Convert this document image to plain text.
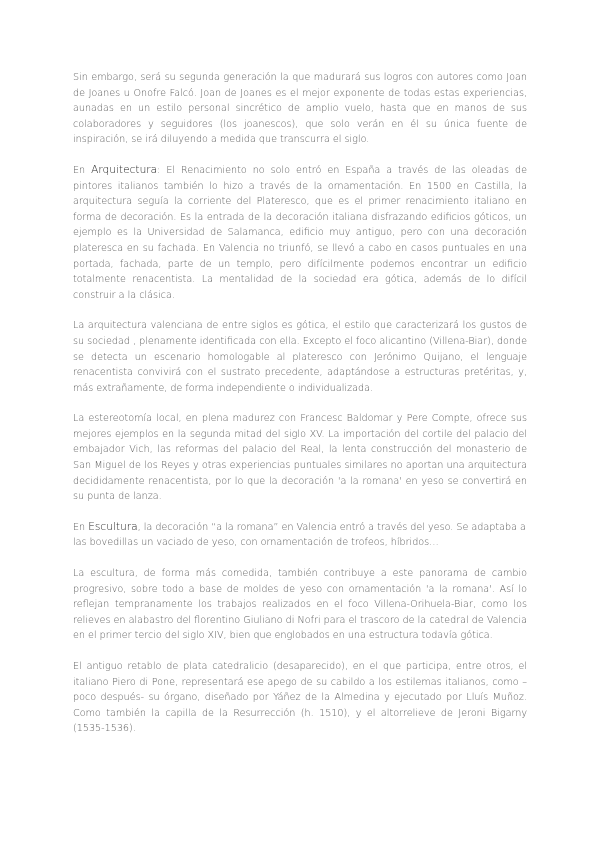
Sin embargo, será su segunda generación la que madurará sus logros con autores como Joan de Joanes u Onofre Falcó. Joan de Joanes es el mejor exponente de todas estas experiencias, aunadas en un estilo personal sincrético de amplio vuelo, hasta que en manos de sus colaboradores y seguidores (los joanescos), que solo verán en él su única fuente de inspiración, se irá diluyendo a medida que transcurra el siglo.

En Arquitectura: El Renacimiento no solo entró en España a través de las oleadas de pintores italianos también lo hizo a través de la ornamentación. En 1500 en Castilla, la arquitectura seguía la corriente del Plateresco, que es el primer renacimiento italiano en forma de decoración. Es la entrada de la decoración italiana disfrazando edificios góticos, un ejemplo es la Universidad de Salamanca, edificio muy antiguo, pero con una decoración plateresca en su fachada. En Valencia no triunfó, se llevó a cabo en casos puntuales en una portada, fachada, parte de un templo, pero difícilmente podemos encontrar un edificio totalmente renacentista. La mentalidad de la sociedad era gótica, además de lo difícil construir a la clásica.

La arquitectura valenciana de entre siglos es gótica, el estilo que caracterizará los gustos de su sociedad , plenamente identificada con ella. Excepto el foco alicantino (Villena-Biar), donde se detecta un escenario homologable al plateresco con Jerónimo Quijano, el lenguaje renacentista convivirá con el sustrato precedente, adaptándose a estructuras pretéritas, y, más extrañamente, de forma independiente o individualizada.

La estereotomía local, en plena madurez con Francesc Baldomar y Pere Compte, ofrece sus mejores ejemplos en la segunda mitad del siglo XV. La importación del cortile del palacio del embajador Vich, las reformas del palacio del Real, la lenta construcción del monasterio de San Miguel de los Reyes y otras experiencias puntuales similares no aportan una arquitectura decididamente renacentista, por lo que la decoración 'a la romana' en yeso se convertirá en su punta de lanza.

En Escultura, la decoración “a la romana” en Valencia entró a través del yeso. Se adaptaba a las bovedillas un vaciado de yeso, con ornamentación de trofeos, híbridos…

La escultura, de forma más comedida, también contribuye a este panorama de cambio progresivo, sobre todo a base de moldes de yeso con ornamentación 'a la romana'. Así lo reflejan tempranamente los trabajos realizados en el foco Villena-Orihuela-Biar, como los relieves en alabastro del florentino Giuliano di Nofri para el trascoro de la catedral de Valencia en el primer tercio del siglo XIV, bien que englobados en una estructura todavía gótica.

El antiguo retablo de plata catedralicio (desaparecido), en el que participa, entre otros, el italiano Piero di Pone, representará ese apego de su cabildo a los estilemas italianos, como –poco después- su órgano, diseñado por Yáñez de la Almedina y ejecutado por Lluís Muñoz. Como también la capilla de la Resurrección (h. 1510), y el altorrelieve de Jeroni Bigarny (1535-1536).
